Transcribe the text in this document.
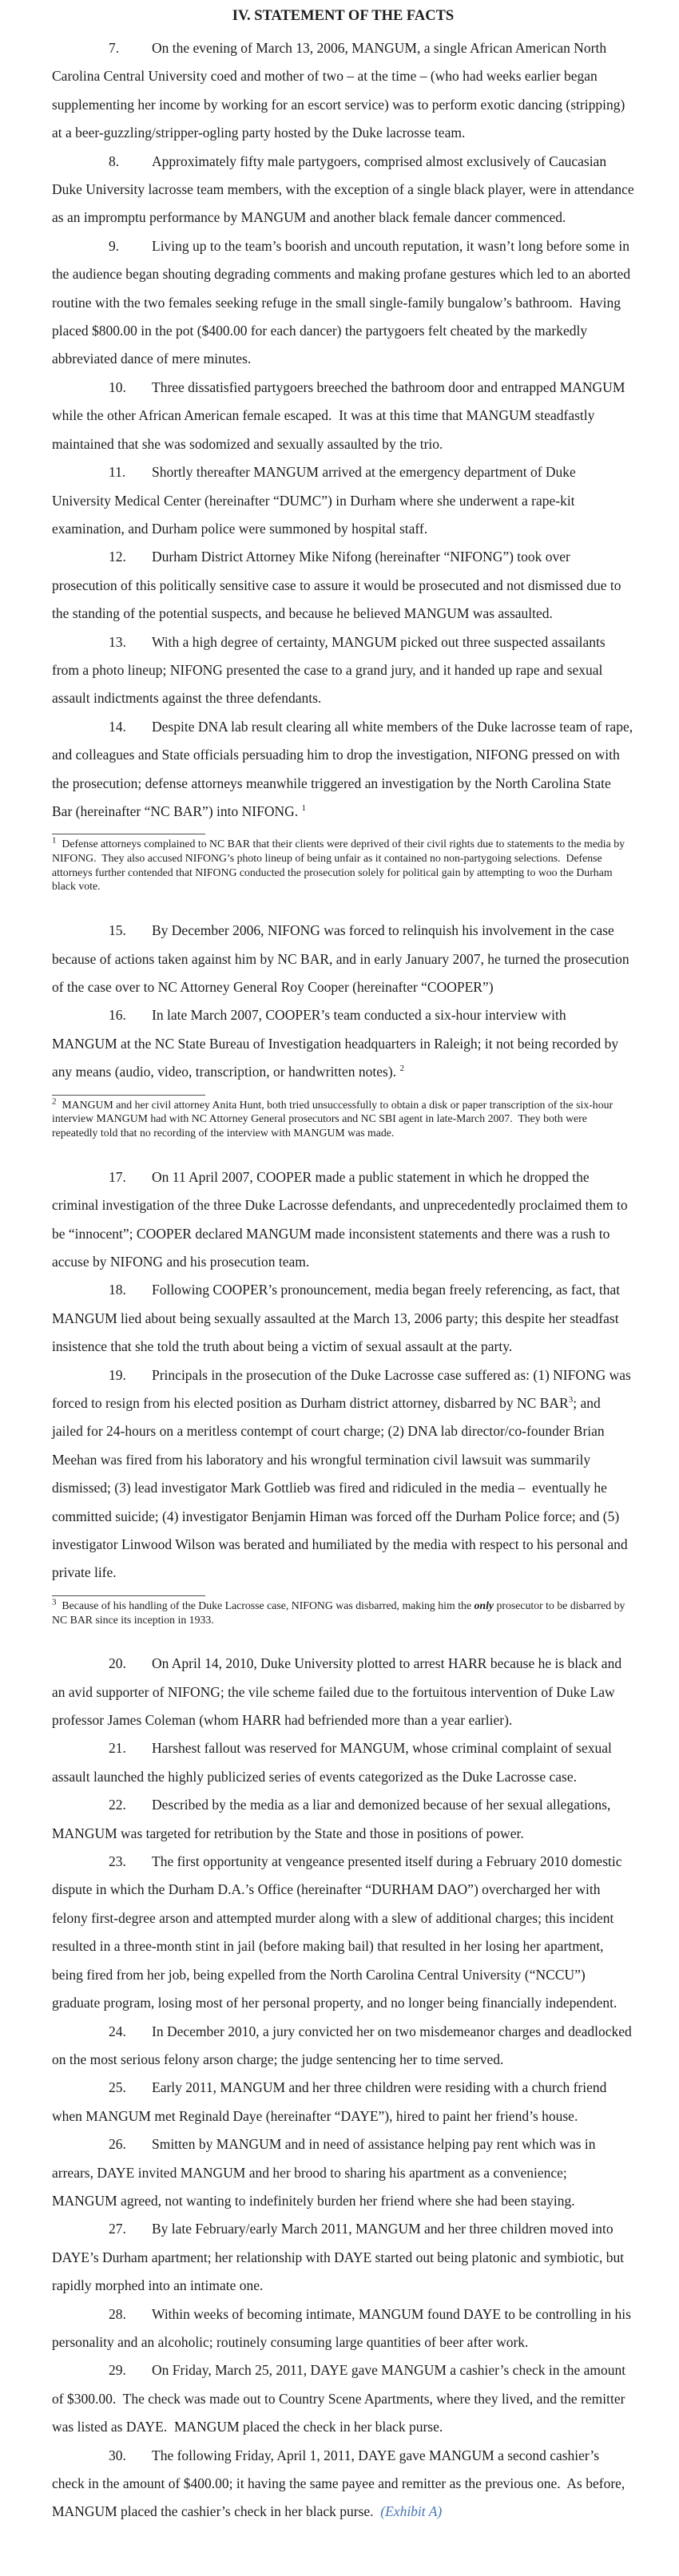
IV. STATEMENT OF THE FACTS

7. On the evening of March 13, 2006, MANGUM, a single African American North Carolina Central University coed and mother of two – at the time – (who had weeks earlier began supplementing her income by working for an escort service) was to perform exotic dancing (stripping) at a beer-guzzling/stripper-ogling party hosted by the Duke lacrosse team.

8. Approximately fifty male partygoers, comprised almost exclusively of Caucasian Duke University lacrosse team members, with the exception of a single black player, were in attendance as an impromptu performance by MANGUM and another black female dancer commenced.

9. Living up to the team’s boorish and uncouth reputation, it wasn’t long before some in the audience began shouting degrading comments and making profane gestures which led to an aborted routine with the two females seeking refuge in the small single-family bungalow’s bathroom.  Having placed $800.00 in the pot ($400.00 for each dancer) the partygoers felt cheated by the markedly abbreviated dance of mere minutes.

10. Three dissatisfied partygoers breeched the bathroom door and entrapped MANGUM while the other African American female escaped.  It was at this time that MANGUM steadfastly maintained that she was sodomized and sexually assaulted by the trio.

11. Shortly thereafter MANGUM arrived at the emergency department of Duke University Medical Center (hereinafter “DUMC”) in Durham where she underwent a rape-kit examination, and Durham police were summoned by hospital staff.

12. Durham District Attorney Mike Nifong (hereinafter “NIFONG”) took over prosecution of this politically sensitive case to assure it would be prosecuted and not dismissed due to the standing of the potential suspects, and because he believed MANGUM was assaulted.

13. With a high degree of certainty, MANGUM picked out three suspected assailants from a photo lineup; NIFONG presented the case to a grand jury, and it handed up rape and sexual assault indictments against the three defendants.

14. Despite DNA lab result clearing all white members of the Duke lacrosse team of rape, and colleagues and State officials persuading him to drop the investigation, NIFONG pressed on with the prosecution; defense attorneys meanwhile triggered an investigation by the North Carolina State Bar (hereinafter “NC BAR”) into NIFONG. $^1$

$^1$  Defense attorneys complained to NC BAR that their clients were deprived of their civil rights due to statements to the media by NIFONG.  They also accused NIFONG’s photo lineup of being unfair as it contained no non-partygoing selections.  Defense attorneys further contended that NIFONG conducted the prosecution solely for political gain by attempting to woo the Durham black vote.

15. By December 2006, NIFONG was forced to relinquish his involvement in the case because of actions taken against him by NC BAR, and in early January 2007, he turned the prosecution of the case over to NC Attorney General Roy Cooper (hereinafter “COOPER”)

16. In late March 2007, COOPER’s team conducted a six-hour interview with MANGUM at the NC State Bureau of Investigation headquarters in Raleigh; it not being recorded by any means (audio, video, transcription, or handwritten notes). $^2$

$^2$  MANGUM and her civil attorney Anita Hunt, both tried unsuccessfully to obtain a disk or paper transcription of the six-hour interview MANGUM had with NC Attorney General prosecutors and NC SBI agent in late-March 2007.  They both were repeatedly told that no recording of the interview with MANGUM was made.

17. On 11 April 2007, COOPER made a public statement in which he dropped the criminal investigation of the three Duke Lacrosse defendants, and unprecedentedly proclaimed them to be “innocent”; COOPER declared MANGUM made inconsistent statements and there was a rush to accuse by NIFONG and his prosecution team.

18. Following COOPER’s pronouncement, media began freely referencing, as fact, that MANGUM lied about being sexually assaulted at the March 13, 2006 party; this despite her steadfast insistence that she told the truth about being a victim of sexual assault at the party.

19. Principals in the prosecution of the Duke Lacrosse case suffered as: (1) NIFONG was forced to resign from his elected position as Durham district attorney, disbarred by NC BAR$^3$; and jailed for 24-hours on a meritless contempt of court charge; (2) DNA lab director/co-founder Brian Meehan was fired from his laboratory and his wrongful termination civil lawsuit was summarily dismissed; (3) lead investigator Mark Gottlieb was fired and ridiculed in the media –  eventually he committed suicide; (4) investigator Benjamin Himan was forced off the Durham Police force; and (5) investigator Linwood Wilson was berated and humiliated by the media with respect to his personal and private life.

$^3$  Because of his handling of the Duke Lacrosse case, NIFONG was disbarred, making him the only prosecutor to be disbarred by NC BAR since its inception in 1933.

20. On April 14, 2010, Duke University plotted to arrest HARR because he is black and an avid supporter of NIFONG; the vile scheme failed due to the fortuitous intervention of Duke Law professor James Coleman (whom HARR had befriended more than a year earlier).

21. Harshest fallout was reserved for MANGUM, whose criminal complaint of sexual assault launched the highly publicized series of events categorized as the Duke Lacrosse case.

22. Described by the media as a liar and demonized because of her sexual allegations, MANGUM was targeted for retribution by the State and those in positions of power.

23. The first opportunity at vengeance presented itself during a February 2010 domestic dispute in which the Durham D.A.’s Office (hereinafter “DURHAM DAO”) overcharged her with felony first-degree arson and attempted murder along with a slew of additional charges; this incident resulted in a three-month stint in jail (before making bail) that resulted in her losing her apartment, being fired from her job, being expelled from the North Carolina Central University (“NCCU”) graduate program, losing most of her personal property, and no longer being financially independent.

24. In December 2010, a jury convicted her on two misdemeanor charges and deadlocked on the most serious felony arson charge; the judge sentencing her to time served.

25. Early 2011, MANGUM and her three children were residing with a church friend when MANGUM met Reginald Daye (hereinafter “DAYE”), hired to paint her friend’s house.

26. Smitten by MANGUM and in need of assistance helping pay rent which was in arrears, DAYE invited MANGUM and her brood to sharing his apartment as a convenience; MANGUM agreed, not wanting to indefinitely burden her friend where she had been staying.

27. By late February/early March 2011, MANGUM and her three children moved into DAYE’s Durham apartment; her relationship with DAYE started out being platonic and symbiotic, but rapidly morphed into an intimate one.

28. Within weeks of becoming intimate, MANGUM found DAYE to be controlling in his personality and an alcoholic; routinely consuming large quantities of beer after work.

29. On Friday, March 25, 2011, DAYE gave MANGUM a cashier’s check in the amount of $300.00.  The check was made out to Country Scene Apartments, where they lived, and the remitter was listed as DAYE.  MANGUM placed the check in her black purse.

30. The following Friday, April 1, 2011, DAYE gave MANGUM a second cashier’s check in the amount of $400.00; it having the same payee and remitter as the previous one.  As before, MANGUM placed the cashier’s check in her black purse.  (Exhibit A)
